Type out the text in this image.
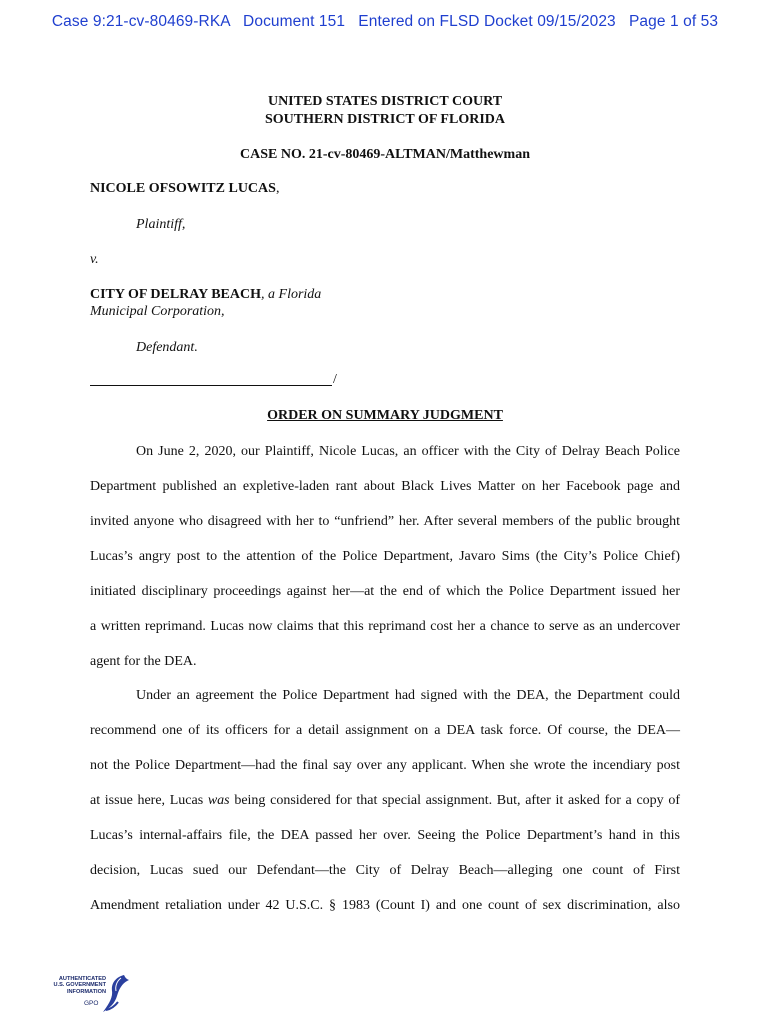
Case 9:21-cv-80469-RKA   Document 151   Entered on FLSD Docket 09/15/2023   Page 1 of 53
UNITED STATES DISTRICT COURT
SOUTHERN DISTRICT OF FLORIDA
CASE NO. 21-cv-80469-ALTMAN/Matthewman
NICOLE OFSOWITZ LUCAS,
Plaintiff,
v.
CITY OF DELRAY BEACH, a Florida
Municipal Corporation,
Defendant.
/
ORDER ON SUMMARY JUDGMENT
On June 2, 2020, our Plaintiff, Nicole Lucas, an officer with the City of Delray Beach Police
Department published an expletive-laden rant about Black Lives Matter on her Facebook page and
invited anyone who disagreed with her to “unfriend” her. After several members of the public brought
Lucas’s angry post to the attention of the Police Department, Javaro Sims (the City’s Police Chief)
initiated disciplinary proceedings against her—at the end of which the Police Department issued her
a written reprimand. Lucas now claims that this reprimand cost her a chance to serve as an undercover
agent for the DEA.
Under an agreement the Police Department had signed with the DEA, the Department could
recommend one of its officers for a detail assignment on a DEA task force. Of course, the DEA—
not the Police Department—had the final say over any applicant. When she wrote the incendiary post
at issue here, Lucas was being considered for that special assignment. But, after it asked for a copy of
Lucas’s internal-affairs file, the DEA passed her over. Seeing the Police Department’s hand in this
decision, Lucas sued our Defendant—the City of Delray Beach—alleging one count of First
Amendment retaliation under 42 U.S.C. § 1983 (Count I) and one count of sex discrimination, also
AUTHENTICATED
U.S. GOVERNMENT
INFORMATION
GPO
